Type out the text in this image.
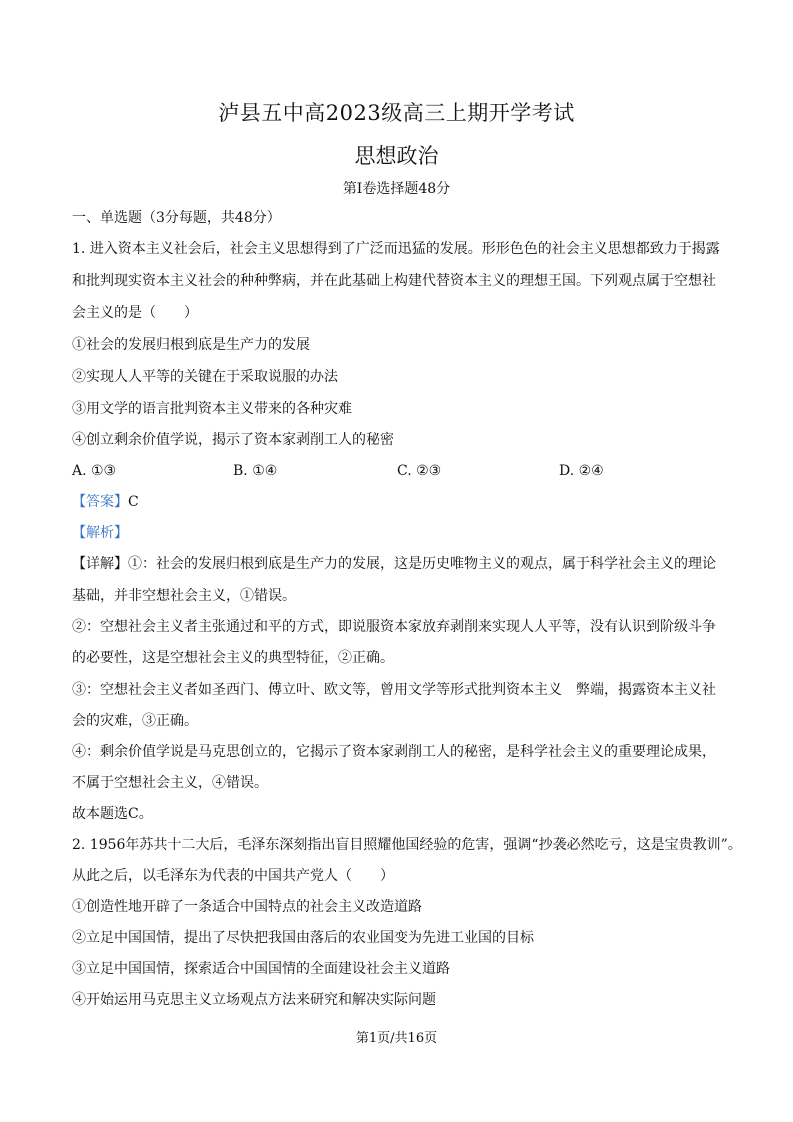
泸县五中高2023级高三上期开学考试
思想政治
第Ⅰ卷选择题48分
一、单选题（3分每题，共48分）
1. 进入资本主义社会后，社会主义思想得到了广泛而迅猛的发展。形形色色的社会主义思想都致力于揭露
和批判现实资本主义社会的种种弊病，并在此基础上构建代替资本主义的理想王国。下列观点属于空想社
会主义的是（　　）
①社会的发展归根到底是生产力的发展
②实现人人平等的关键在于采取说服的办法
③用文学的语言批判资本主义带来的各种灾难
④创立剩余价值学说，揭示了资本家剥削工人的秘密
A. ①③	B. ①④	C. ②③	D. ②④
【答案】C
【解析】
【详解】①：社会的发展归根到底是生产力的发展，这是历史唯物主义的观点，属于科学社会主义的理论
基础，并非空想社会主义，①错误。
②：空想社会主义者主张通过和平的方式，即说服资本家放弃剥削来实现人人平等，没有认识到阶级斗争
的必要性，这是空想社会主义的典型特征，②正确。
③：空想社会主义者如圣西门、傅立叶、欧文等，曾用文学等形式批判资本主义　弊端，揭露资本主义社
会的灾难，③正确。
④：剩余价值学说是马克思创立的，它揭示了资本家剥削工人的秘密，是科学社会主义的重要理论成果，
不属于空想社会主义，④错误。
故本题选C。
2. 1956年苏共十二大后，毛泽东深刻指出盲目照耀他国经验的危害，强调“抄袭必然吃亏，这是宝贵教训”。
从此之后，以毛泽东为代表的中国共产党人（　　）
①创造性地开辟了一条适合中国特点的社会主义改造道路
②立足中国国情，提出了尽快把我国由落后的农业国变为先进工业国的目标
③立足中国国情，探索适合中国国情的全面建设社会主义道路
④开始运用马克思主义立场观点方法来研究和解决实际问题
第1页/共16页
